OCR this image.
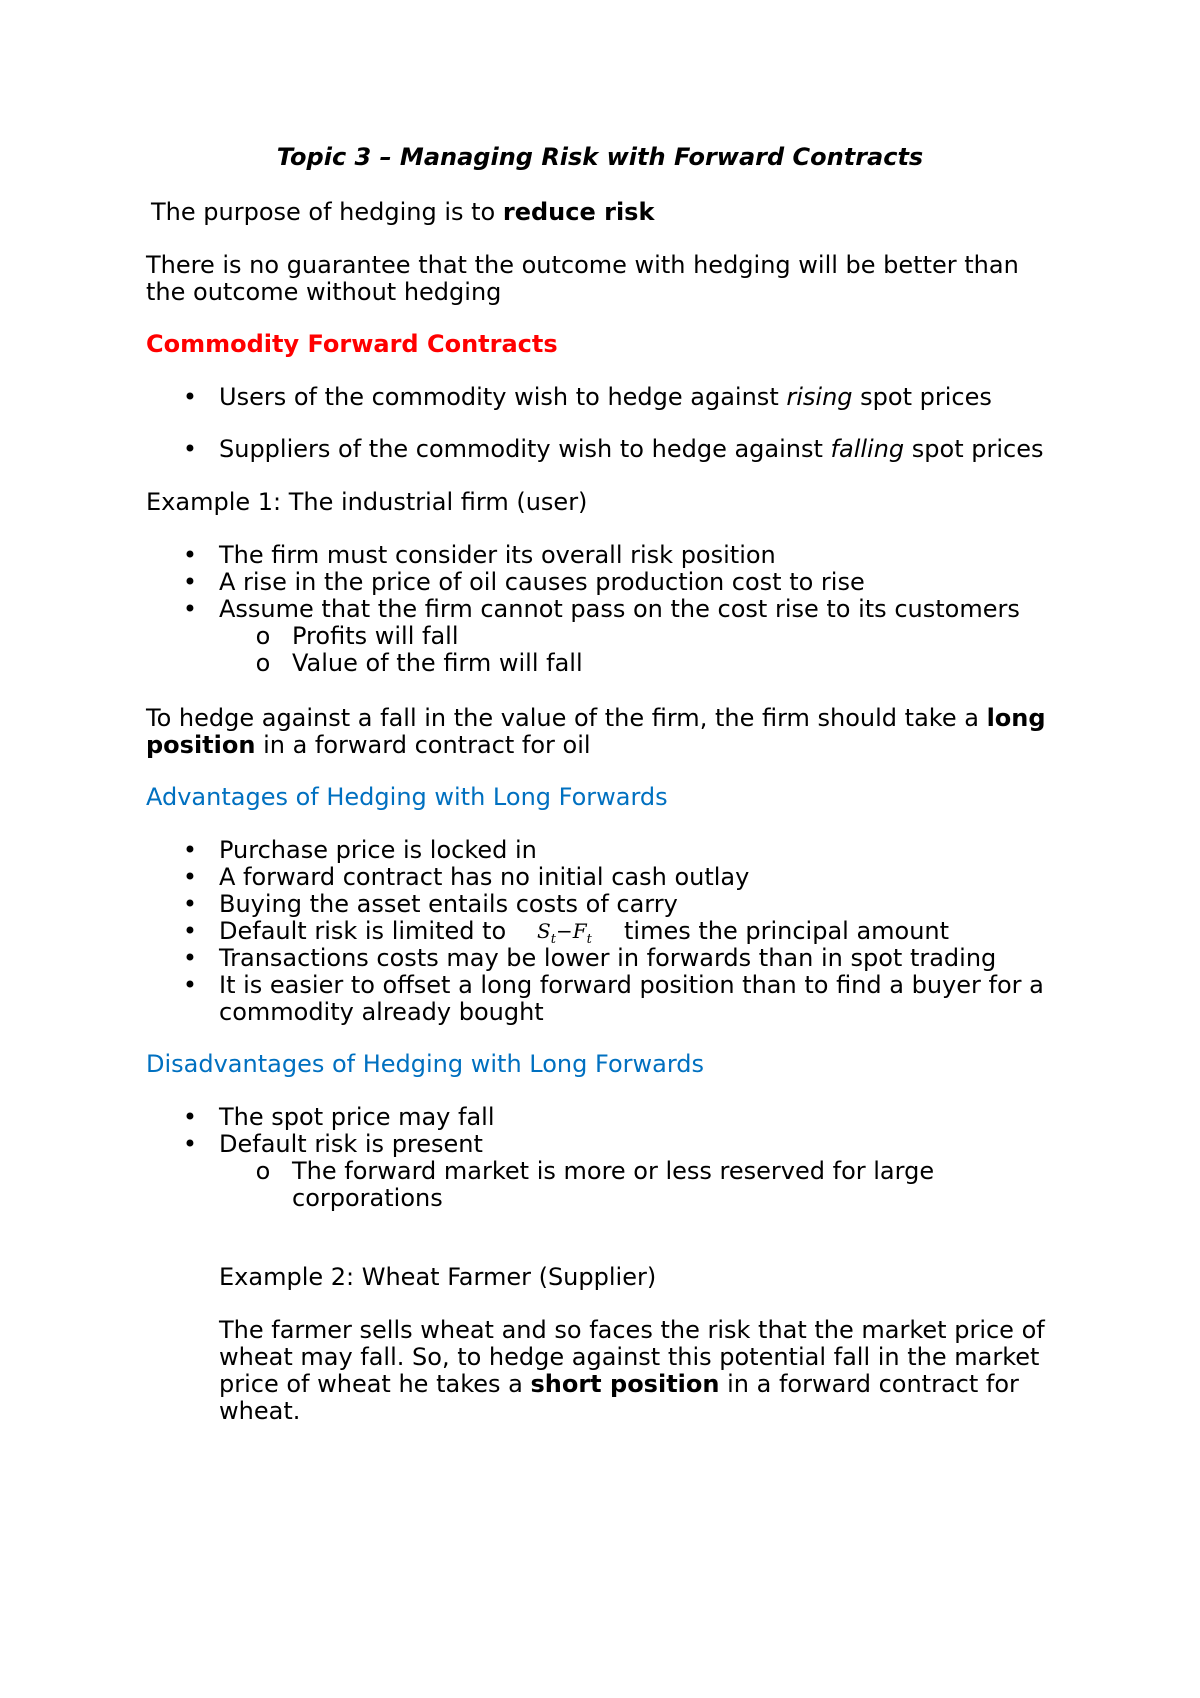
Topic 3 – Managing Risk with Forward Contracts
The purpose of hedging is to reduce risk
There is no guarantee that the outcome with hedging will be better than
the outcome without hedging
Commodity Forward Contracts
•
Users of the commodity wish to hedge against rising spot prices
•
Suppliers of the commodity wish to hedge against falling spot prices
Example 1: The industrial firm (user)
•
The firm must consider its overall risk position
•
A rise in the price of oil causes production cost to rise
•
Assume that the firm cannot pass on the cost rise to its customers
o
Profits will fall
o
Value of the firm will fall
To hedge against a fall in the value of the firm, the firm should take a long
position in a forward contract for oil
Advantages of Hedging with Long Forwards
•
Purchase price is locked in
•
A forward contract has no initial cash outlay
•
Buying the asset entails costs of carry
•
Default risk is limited to $S_t-F_t$ times the principal amount
•
Transactions costs may be lower in forwards than in spot trading
•
It is easier to offset a long forward position than to find a buyer for a
commodity already bought
Disadvantages of Hedging with Long Forwards
•
The spot price may fall
•
Default risk is present
o
The forward market is more or less reserved for large
corporations
Example 2: Wheat Farmer (Supplier)
The farmer sells wheat and so faces the risk that the market price of
wheat may fall. So, to hedge against this potential fall in the market
price of wheat he takes a short position in a forward contract for
wheat.
